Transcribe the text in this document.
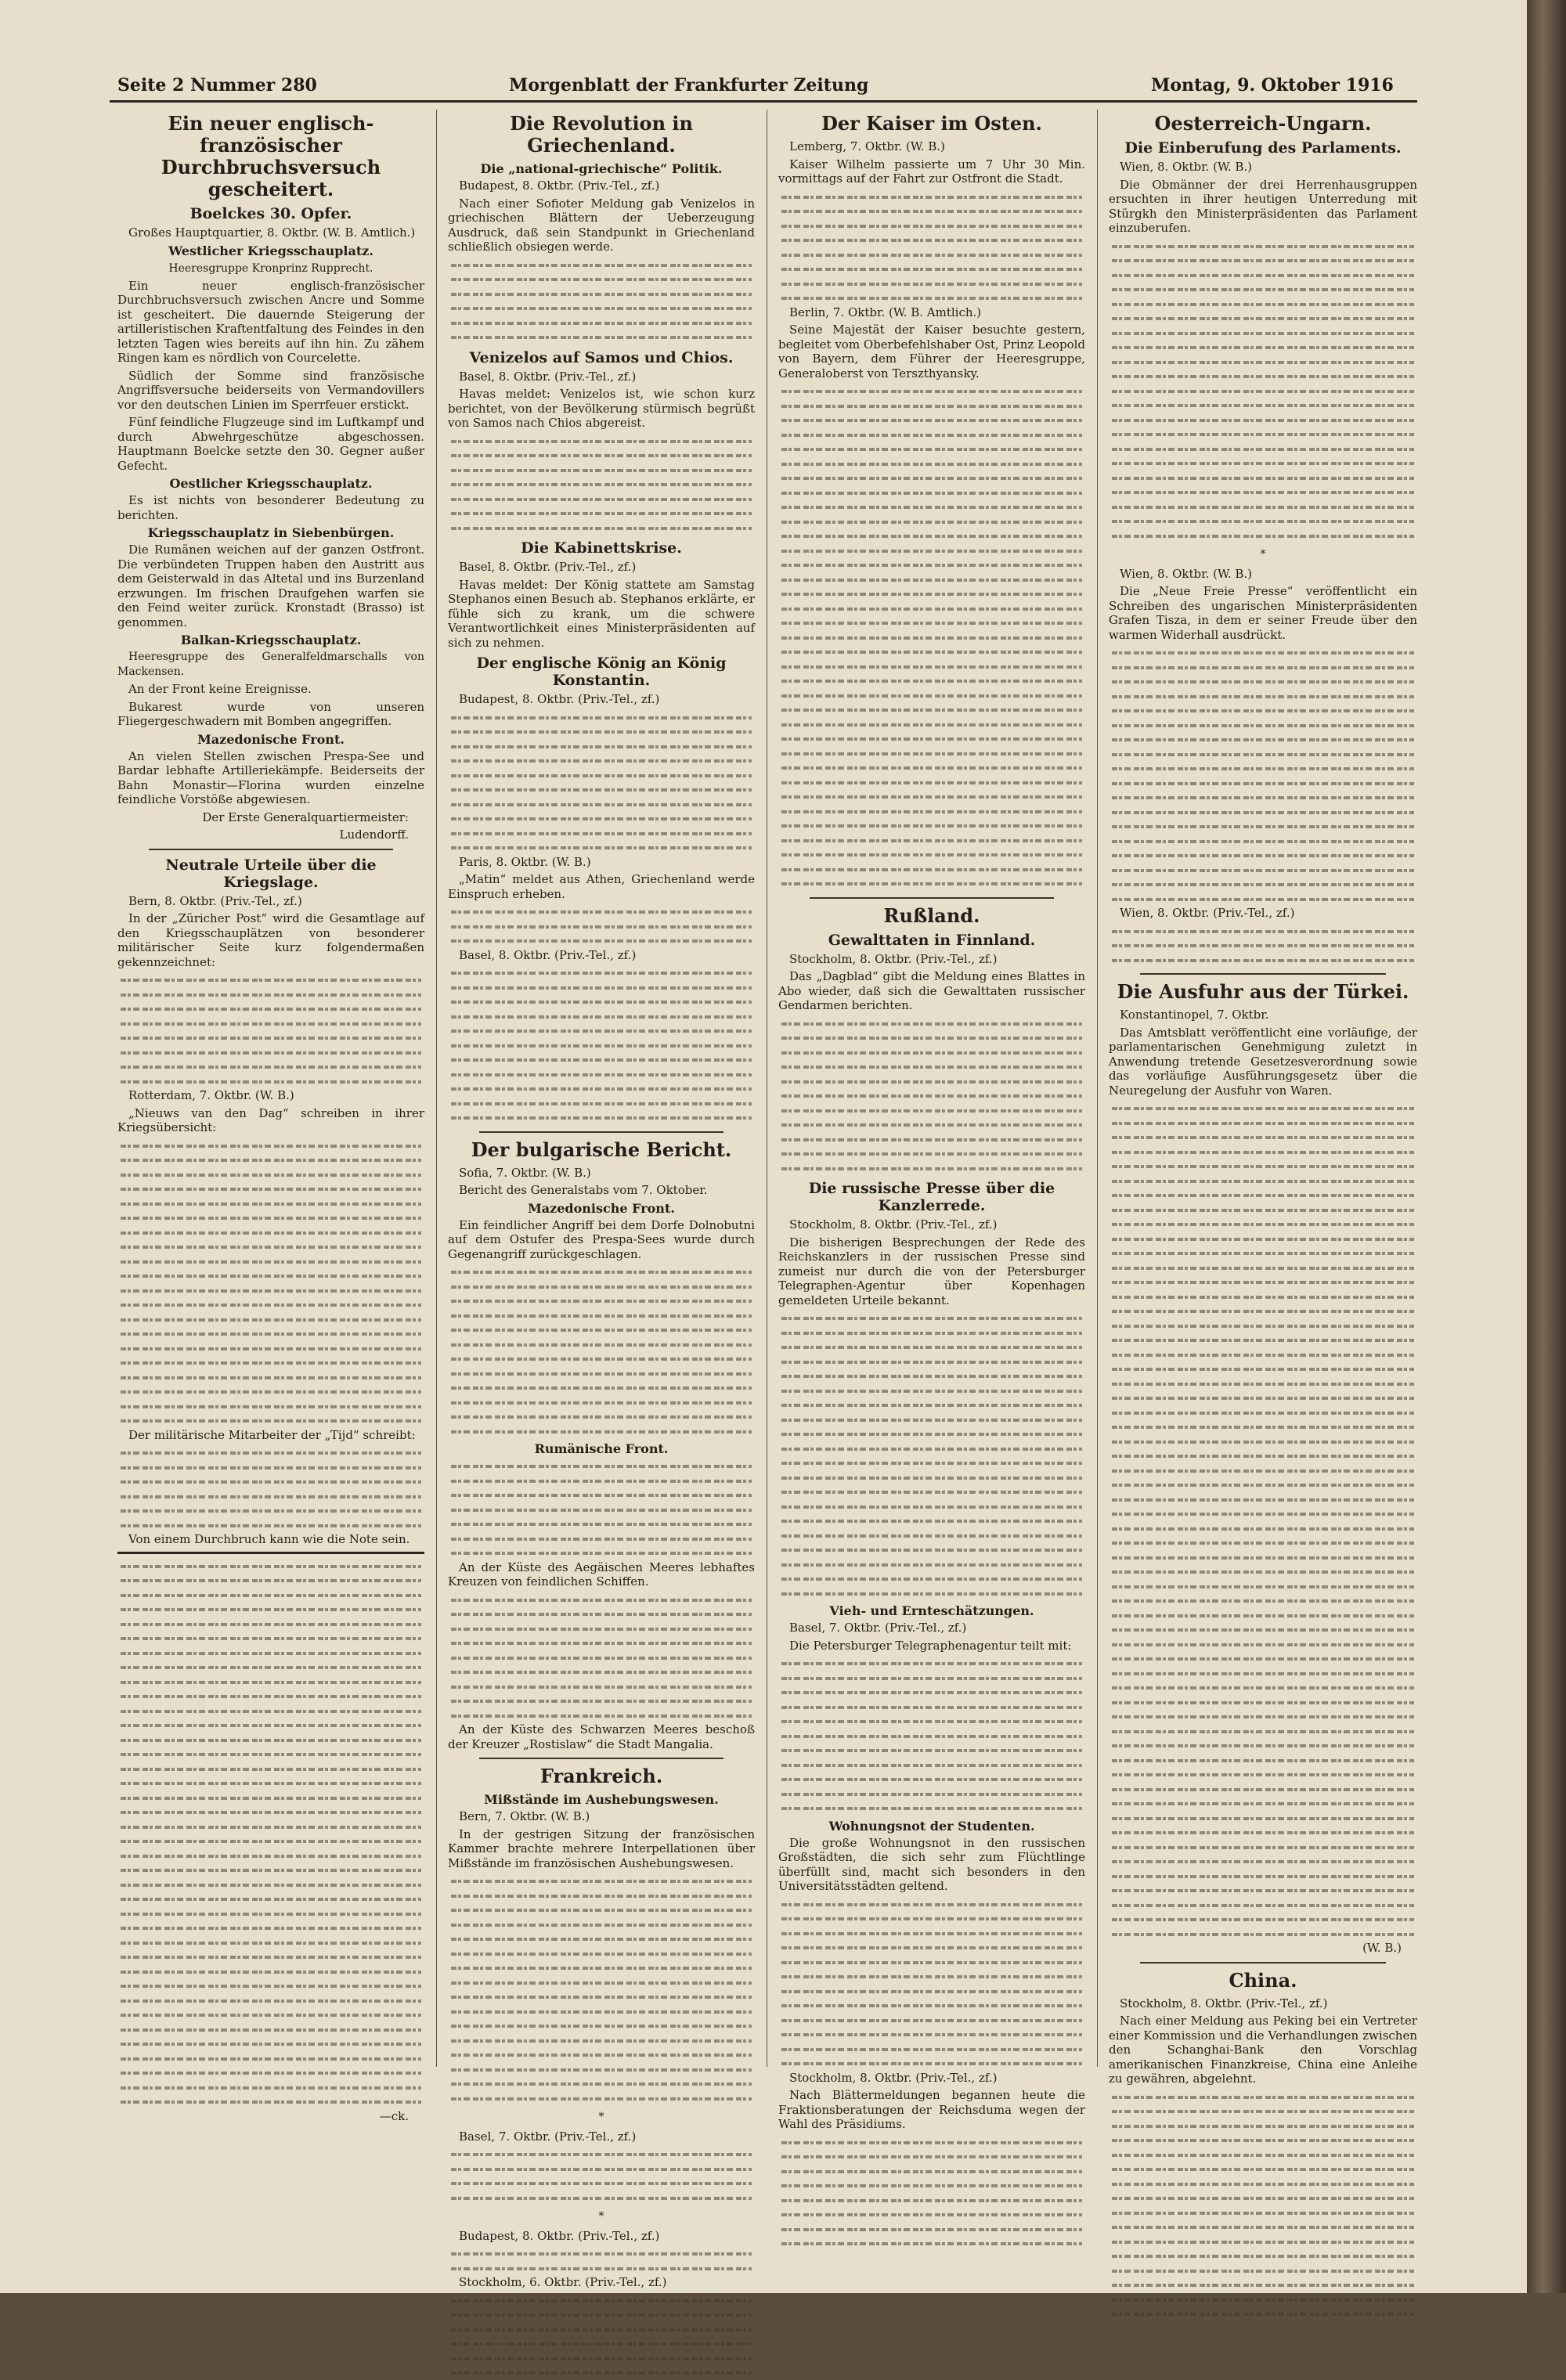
Seite 2 Nummer 280	Morgenblatt der Frankfurter Zeitung	Montag, 9. Oktober 1916
Ein neuer englisch-französischer Durchbruchsversuch gescheitert.
Boelckes 30. Opfer.

Großes Hauptquartier, 8. Oktbr. (W. B. Amtlich.)

Westlicher Kriegsschauplatz.
Heeresgruppe Kronprinz Rupprecht.

Ein neuer englisch-französischer Durchbruchsversuch zwischen Ancre und Somme ist gescheitert. Die dauernde Steigerung der artilleristischen Kraftentfaltung des Feindes in den letzten Tagen wies bereits auf ihn hin. Zu zähem Ringen kam es nördlich von Courcelette.

Südlich der Somme sind französische Angriffsversuche beiderseits von Vermandovillers vor den deutschen Linien im Sperrfeuer erstickt.

Fünf feindliche Flugzeuge sind im Luftkampf und durch Abwehrgeschütze abgeschossen. Hauptmann Boelcke setzte den 30. Gegner außer Gefecht.

Oestlicher Kriegsschauplatz.

Es ist nichts von besonderer Bedeutung zu berichten.

Kriegsschauplatz in Siebenbürgen.

Die Rumänen weichen auf der ganzen Ostfront. Die verbündeten Truppen haben den Austritt aus dem Geisterwald in das Altetal und ins Burzenland erzwungen. Im frischen Draufgehen warfen sie den Feind weiter zurück. Kronstadt (Brasso) ist genommen.

Balkan-Kriegsschauplatz.

Heeresgruppe des Generalfeldmarschalls von Mackensen.

An der Front keine Ereignisse.

Bukarest wurde von unseren Fliegergeschwadern mit Bomben angegriffen.

Mazedonische Front.

An vielen Stellen zwischen Prespa-See und Bardar lebhafte Artilleriekämpfe. Beiderseits der Bahn Monastir—Florina wurden einzelne feindliche Vorstöße abgewiesen.

Der Erste Generalquartiermeister:

Ludendorff.

Neutrale Urteile über die Kriegslage.

Bern, 8. Oktbr. (Priv.-Tel., zf.)

In der „Züricher Post“ wird die Gesamtlage auf den Kriegsschauplätzen von besonderer militärischer Seite kurz folgendermaßen gekennzeichnet:

Rotterdam, 7. Oktbr. (W. B.)

„Nieuws van den Dag“ schreiben in ihrer Kriegsübersicht:

Der militärische Mitarbeiter der „Tijd“ schreibt:

Von einem Durchbruch kann wie die Note sein.

—ck.

Die Revolution in Griechenland.
Die „national-griechische“ Politik.

Budapest, 8. Oktbr. (Priv.-Tel., zf.)

Nach einer Sofioter Meldung gab Venizelos in griechischen Blättern der Ueberzeugung Ausdruck, daß sein Standpunkt in Griechenland schließlich obsiegen werde.

Venizelos auf Samos und Chios.

Basel, 8. Oktbr. (Priv.-Tel., zf.)

Havas meldet: Venizelos ist, wie schon kurz berichtet, von der Bevölkerung stürmisch begrüßt von Samos nach Chios abgereist.

Die Kabinettskrise.

Basel, 8. Oktbr. (Priv.-Tel., zf.)

Havas meldet: Der König stattete am Samstag Stephanos einen Besuch ab. Stephanos erklärte, er fühle sich zu krank, um die schwere Verantwortlichkeit eines Ministerpräsidenten auf sich zu nehmen.

Der englische König an König Konstantin.

Budapest, 8. Oktbr. (Priv.-Tel., zf.)

Paris, 8. Oktbr. (W. B.)

„Matin“ meldet aus Athen, Griechenland werde Einspruch erheben.

Basel, 8. Oktbr. (Priv.-Tel., zf.)

Der bulgarische Bericht.

Sofia, 7. Oktbr. (W. B.)

Bericht des Generalstabs vom 7. Oktober.

Mazedonische Front.

Ein feindlicher Angriff bei dem Dorfe Dolnobutni auf dem Ostufer des Prespa-Sees wurde durch Gegenangriff zurückgeschlagen.

Rumänische Front.

An der Küste des Aegäischen Meeres lebhaftes Kreuzen von feindlichen Schiffen.

An der Küste des Schwarzen Meeres beschoß der Kreuzer „Rostislaw“ die Stadt Mangalia.

Frankreich.
Mißstände im Aushebungswesen.

Bern, 7. Oktbr. (W. B.)

In der gestrigen Sitzung der französischen Kammer brachte mehrere Interpellationen über Mißstände im französischen Aushebungswesen.

*

Basel, 7. Oktbr. (Priv.-Tel., zf.)

*

Budapest, 8. Oktbr. (Priv.-Tel., zf.)

Stockholm, 6. Oktbr. (Priv.-Tel., zf.)

Der Kaiser im Osten.

Lemberg, 7. Oktbr. (W. B.)

Kaiser Wilhelm passierte um 7 Uhr 30 Min. vormittags auf der Fahrt zur Ostfront die Stadt.

Berlin, 7. Oktbr. (W. B. Amtlich.)

Seine Majestät der Kaiser besuchte gestern, begleitet vom Oberbefehlshaber Ost, Prinz Leopold von Bayern, dem Führer der Heeresgruppe, Generaloberst von Terszthyansky.

Rußland.
Gewalttaten in Finnland.

Stockholm, 8. Oktbr. (Priv.-Tel., zf.)

Das „Dagblad“ gibt die Meldung eines Blattes in Abo wieder, daß sich die Gewalttaten russischer Gendarmen berichten.

Die russische Presse über die Kanzlerrede.

Stockholm, 8. Oktbr. (Priv.-Tel., zf.)

Die bisherigen Besprechungen der Rede des Reichskanzlers in der russischen Presse sind zumeist nur durch die von der Petersburger Telegraphen-Agentur über Kopenhagen gemeldeten Urteile bekannt.

Vieh- und Ernteschätzungen.

Basel, 7. Oktbr. (Priv.-Tel., zf.)

Die Petersburger Telegraphenagentur teilt mit:

Wohnungsnot der Studenten.

Die große Wohnungsnot in den russischen Großstädten, die sich sehr zum Flüchtlinge überfüllt sind, macht sich besonders in den Universitätsstädten geltend.

Stockholm, 8. Oktbr. (Priv.-Tel., zf.)

Nach Blättermeldungen begannen heute die Fraktionsberatungen der Reichsduma wegen der Wahl des Präsidiums.

Oesterreich-Ungarn.
Die Einberufung des Parlaments.

Wien, 8. Oktbr. (W. B.)

Die Obmänner der drei Herrenhausgruppen ersuchten in ihrer heutigen Unterredung mit Stürgkh den Ministerpräsidenten das Parlament einzuberufen.

*

Wien, 8. Oktbr. (W. B.)

Die „Neue Freie Presse“ veröffentlicht ein Schreiben des ungarischen Ministerpräsidenten Grafen Tisza, in dem er seiner Freude über den warmen Widerhall ausdrückt.

Wien, 8. Oktbr. (Priv.-Tel., zf.)

Die Ausfuhr aus der Türkei.

Konstantinopel, 7. Oktbr.

Das Amtsblatt veröffentlicht eine vorläufige, der parlamentarischen Genehmigung zuletzt in Anwendung tretende Gesetzesverordnung sowie das vorläufige Ausführungsgesetz über die Neuregelung der Ausfuhr von Waren.

(W. B.)

China.

Stockholm, 8. Oktbr. (Priv.-Tel., zf.)

Nach einer Meldung aus Peking bei ein Vertreter einer Kommission und die Verhandlungen zwischen den Schanghai-Bank den Vorschlag amerikanischen Finanzkreise, China eine Anleihe zu gewähren, abgelehnt.
